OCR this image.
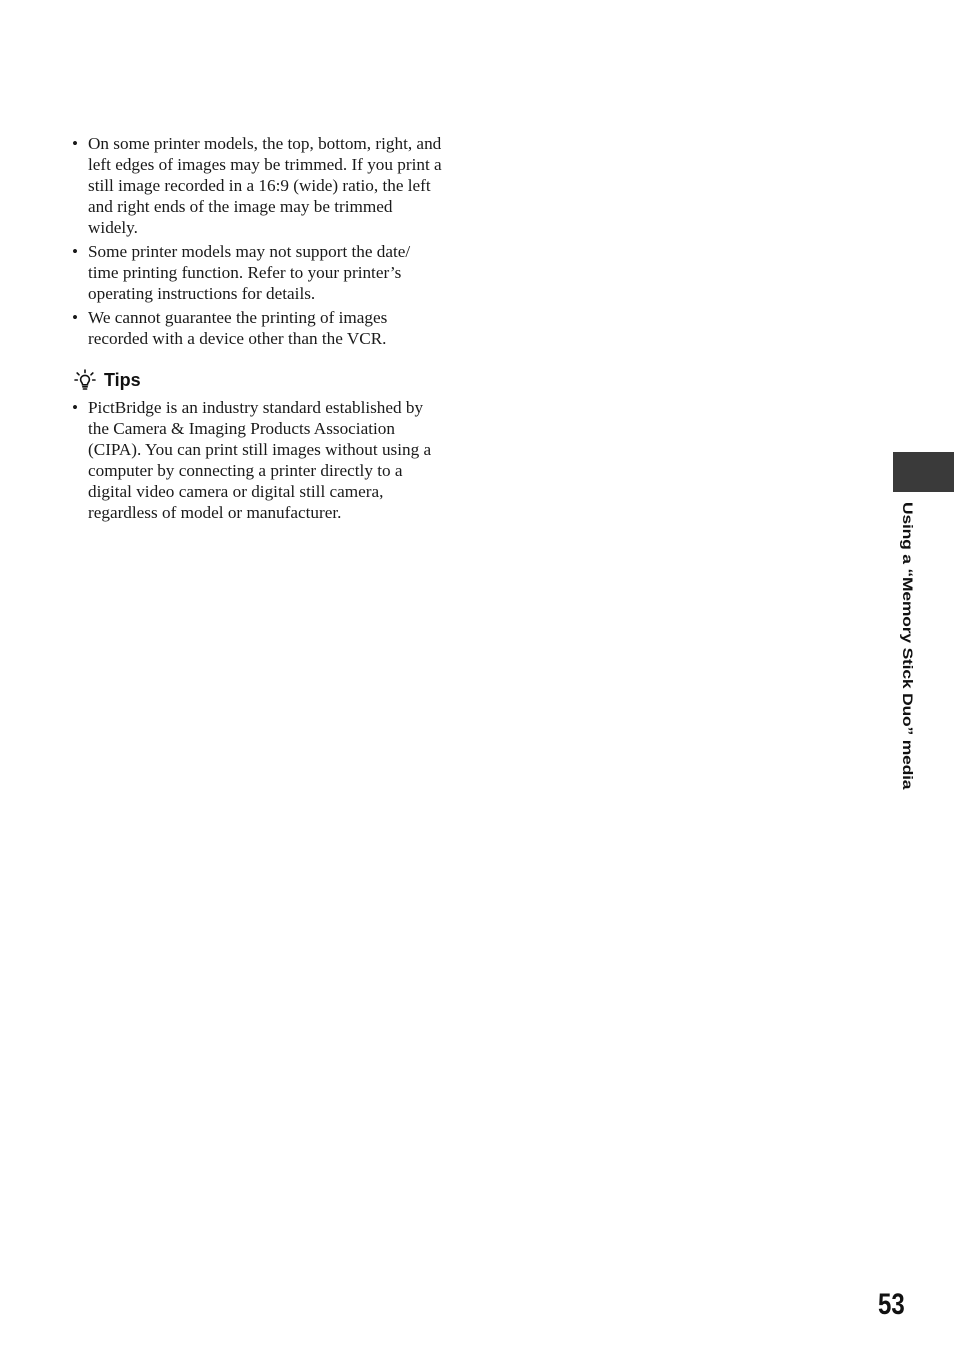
• On some printer models, the top, bottom, right, and left edges of images may be trimmed. If you print a still image recorded in a 16:9 (wide) ratio, the left and right ends of the image may be trimmed widely.
• Some printer models may not support the date/ time printing function. Refer to your printer’s operating instructions for details.
• We cannot guarantee the printing of images recorded with a device other than the VCR.
Tips
• PictBridge is an industry standard established by the Camera & Imaging Products Association (CIPA). You can print still images without using a computer by connecting a printer directly to a digital video camera or digital still camera, regardless of model or manufacturer.	Using a “Memory Stick Duo” media
53
